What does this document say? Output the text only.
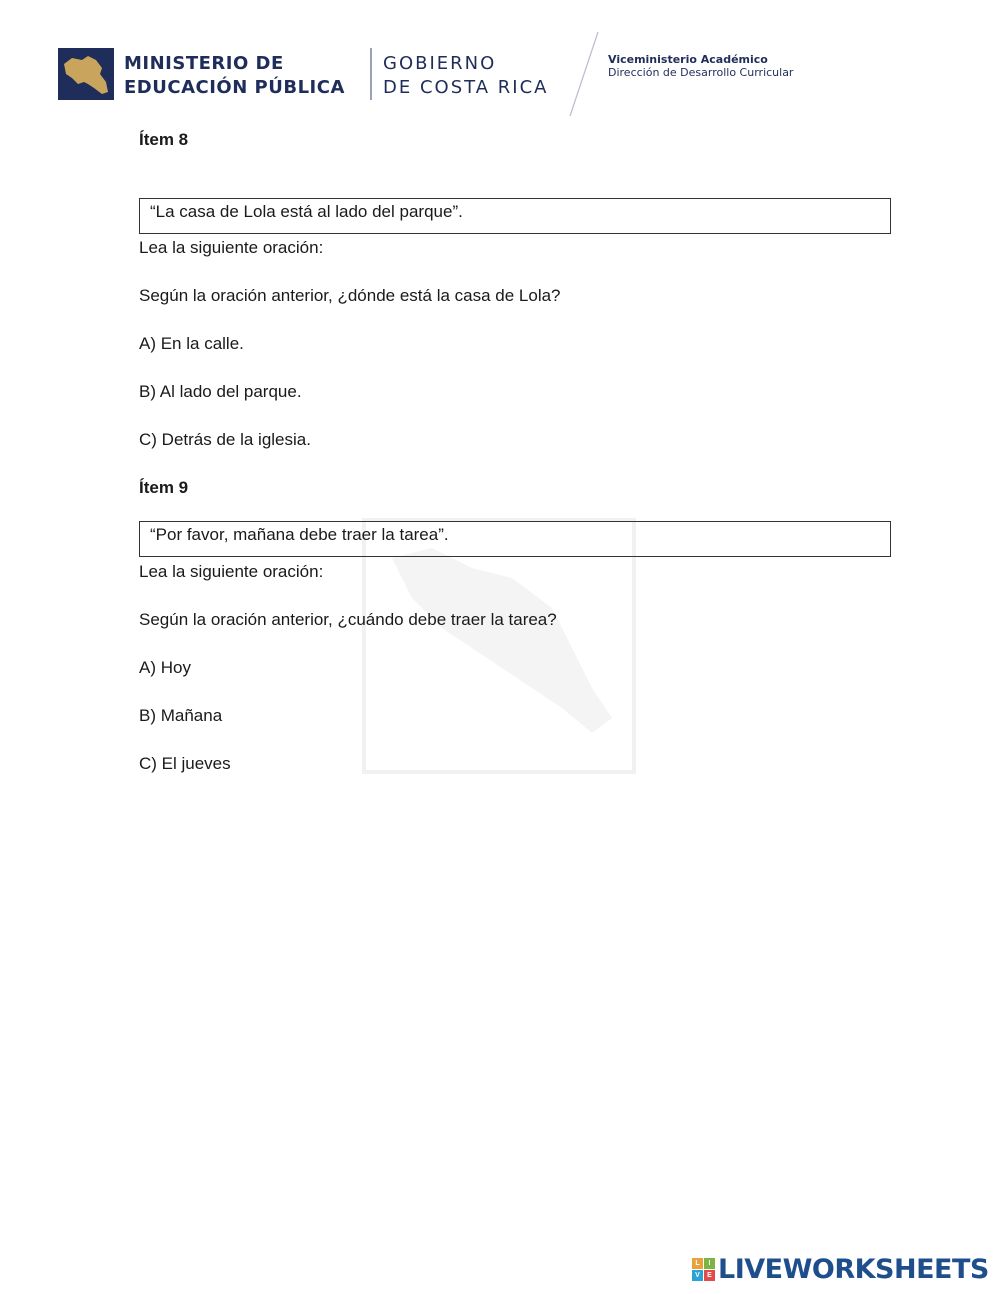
MINISTERIO DE
EDUCACIÓN PÚBLICA
GOBIERNO
DE COSTA RICA
Viceministerio Académico
Dirección de Desarrollo Curricular
Ítem 8
“La casa de Lola está al lado del parque”.
Lea la siguiente oración:
Según la oración anterior, ¿dónde está la casa de Lola?
A) En la calle.
B) Al lado del parque.
C) Detrás de la iglesia.
Ítem 9
“Por favor, mañana debe traer la tarea”.
Lea la siguiente oración:
Según la oración anterior, ¿cuándo debe traer la tarea?
A) Hoy
B) Mañana
C) El jueves
L	I
V	E LIVEWORKSHEETS
